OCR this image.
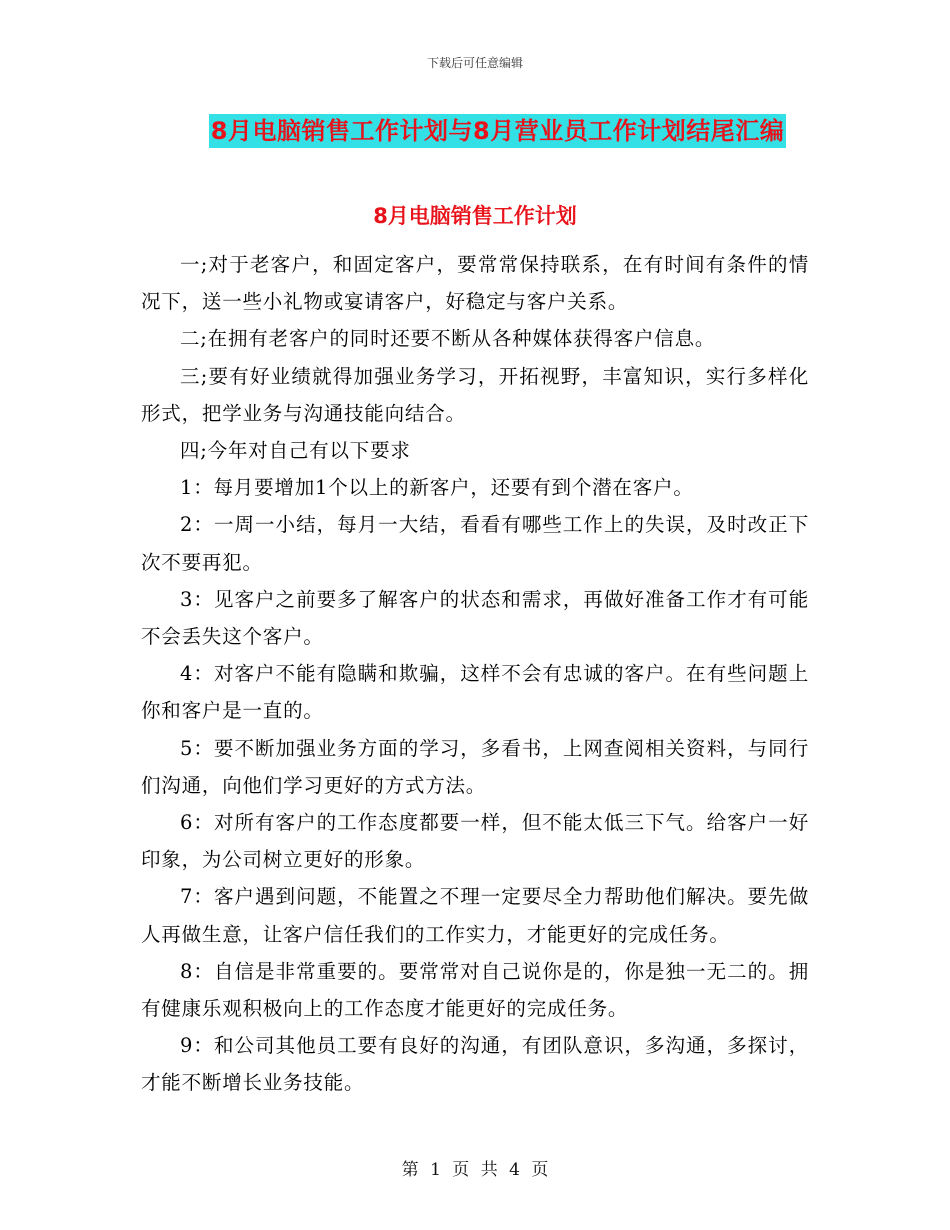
下载后可任意编辑
8月电脑销售工作计划与8月营业员工作计划结尾汇编
8月电脑销售工作计划

一;对于老客户，和固定客户，要常常保持联系，在有时间有条件的情况下，送一些小礼物或宴请客户，好稳定与客户关系。

二;在拥有老客户的同时还要不断从各种媒体获得客户信息。

三;要有好业绩就得加强业务学习，开拓视野，丰富知识，实行多样化形式，把学业务与沟通技能向结合。

四;今年对自己有以下要求

1：每月要增加1个以上的新客户，还要有到个潜在客户。

2：一周一小结，每月一大结，看看有哪些工作上的失误，及时改正下次不要再犯。

3：见客户之前要多了解客户的状态和需求，再做好准备工作才有可能不会丢失这个客户。

4：对客户不能有隐瞒和欺骗，这样不会有忠诚的客户。在有些问题上你和客户是一直的。

5：要不断加强业务方面的学习，多看书，上网查阅相关资料，与同行们沟通，向他们学习更好的方式方法。

6：对所有客户的工作态度都要一样，但不能太低三下气。给客户一好印象，为公司树立更好的形象。

7：客户遇到问题，不能置之不理一定要尽全力帮助他们解决。要先做人再做生意，让客户信任我们的工作实力，才能更好的完成任务。

8：自信是非常重要的。要常常对自己说你是的，你是独一无二的。拥有健康乐观积极向上的工作态度才能更好的完成任务。

9：和公司其他员工要有良好的沟通，有团队意识，多沟通，多探讨，才能不断增长业务技能。

第 1 页 共 4 页
